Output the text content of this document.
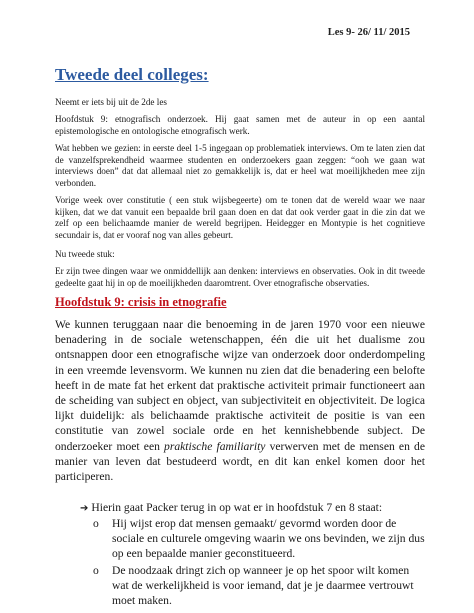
Les 9- 26/ 11/ 2015
Tweede deel colleges:

Neemt er iets bij uit de 2de les

Hoofdstuk 9: etnografisch onderzoek. Hij gaat samen met de auteur in op een aantal epistemologische en ontologische etnografisch werk.

Wat hebben we gezien: in eerste deel 1-5 ingegaan op problematiek interviews. Om te laten zien dat de vanzelfsprekendheid waarmee studenten en onderzoekers gaan zeggen: “ooh we gaan wat interviews doen” dat dat allemaal niet zo gemakkelijk is, dat er heel wat moeilijkheden mee zijn verbonden.

Vorige week over constitutie ( een stuk wijsbegeerte) om te tonen dat de wereld waar we naar kijken, dat we dat vanuit een bepaalde bril gaan doen en dat dat ook verder gaat in die zin dat we zelf op een belichaamde manier de wereld begrijpen. Heidegger en Montypie is het cognitieve secundair is, dat er vooraf nog van alles gebeurt.

Nu tweede stuk:

Er zijn twee dingen waar we onmiddellijk aan denken: interviews en observaties. Ook in dit tweede gedeelte gaat hij in op de moeilijkheden daaromtrent. Over etnografische observaties.

Hoofdstuk 9: crisis in etnografie

We kunnen teruggaan naar die benoeming in de jaren 1970 voor een nieuwe benadering in de sociale wetenschappen, één die uit het dualisme zou ontsnappen door een etnografische wijze van onderzoek door onderdompeling in een vreemde levensvorm. We kunnen nu zien dat die benadering een belofte heeft in de mate fat het erkent dat praktische activiteit primair functioneert aan de scheiding van subject en object, van subjectiviteit en objectiviteit. De logica lijkt duidelijk: als belichaamde praktische activiteit de positie is van een constitutie van zowel sociale orde en het kennishebbende subject. De onderzoeker moet een praktische familiarity verwerven met de mensen en de manier van leven dat bestudeerd wordt, en dit kan enkel komen door het participeren.

➔ Hierin gaat Packer terug in op wat er in hoofdstuk 7 en 8 staat:
o Hij wijst erop dat mensen gemaakt/ gevormd worden door de sociale en culturele omgeving waarin we ons bevinden, we zijn dus op een bepaalde manier geconstitueerd.
o De noodzaak dringt zich op wanneer je op het spoor wilt komen wat de werkelijkheid is voor iemand, dat je je daarmee vertrouwt moet maken.
